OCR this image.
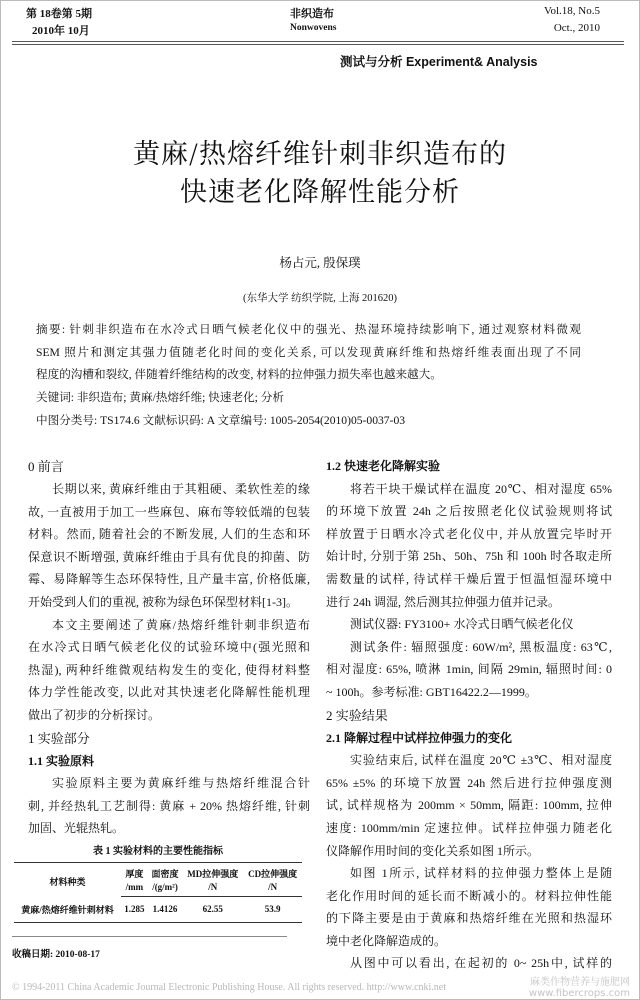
第 18卷第 5期
2010年 10月
非织造布
Nonwovens
Vol.18, No.5
Oct., 2010
测试与分析 Experiment& Analysis
黄麻/热熔纤维针刺非织造布的
快速老化降解性能分析
杨占元, 殷保璞
(东华大学 纺织学院, 上海 201620)
摘要: 针刺非织造布在水冷式日晒气候老化仪中的强光、热湿环境持续影响下, 通过观察材料微观
SEM 照片和测定其强力值随老化时间的变化关系, 可以发现黄麻纤维和热熔纤维表面出现了不同
程度的沟槽和裂纹, 伴随着纤维结构的改变, 材料的拉伸强力损失率也越来越大。
关键词: 非织造布; 黄麻/热熔纤维; 快速老化; 分析
中图分类号: TS174.6 文献标识码: A 文章编号: 1005-2054(2010)05-0037-03
0 前言
长期以来, 黄麻纤维由于其粗硬、柔软性差的缘
故, 一直被用于加工一些麻包、麻布等较低端的包装
材料。然而, 随着社会的不断发展, 人们的生态和环
保意识不断增强, 黄麻纤维由于具有优良的抑菌、防
霉、易降解等生态环保特性, 且产量丰富, 价格低廉,
开始受到人们的重视, 被称为绿色环保型材料[1-3]。
本文主要阐述了黄麻/热熔纤维针刺非织造布
在水冷式日晒气候老化仪的试验环境中(强光照和
热湿), 两种纤维微观结构发生的变化, 使得材料整
体力学性能改变, 以此对其快速老化降解性能机理
做出了初步的分析探讨。
1 实验部分
1.1 实验原料
实验原料主要为黄麻纤维与热熔纤维混合针
刺, 并经热轧工艺制得: 黄麻 + 20% 热熔纤维, 针刺
加固、光辊热轧。
1.2 快速老化降解实验
将若干块干燥试样在温度 20℃、相对湿度 65%
的环境下放置 24h 之后按照老化仪试验规则将试
样放置于日晒水冷式老化仪中, 并从放置完毕时开
始计时, 分别于第 25h、50h、75h 和 100h 时各取走所
需数量的试样, 待试样干燥后置于恒温恒湿环境中
进行 24h 调湿, 然后测其拉伸强力值并记录。
测试仪器: FY3100+ 水冷式日晒气候老化仪
测试条件: 辐照强度: 60W/m², 黑板温度: 63℃,
相对湿度: 65%, 喷淋 1min, 间隔 29min, 辐照时间: 0
~ 100h。参考标准: GBT16422.2—1999。
2 实验结果
2.1 降解过程中试样拉伸强力的变化
实验结束后, 试样在温度 20℃ ±3℃、相对湿度
65% ±5% 的环境下放置 24h 然后进行拉伸强度测
试, 试样规格为 200mm × 50mm, 隔距: 100mm, 拉伸
速度: 100mm/min 定速拉伸。试样拉伸强力随老化
仪降解作用时间的变化关系如图 1所示。
如图 1所示, 试样材料的拉伸强力整体上是随
老化作用时间的延长而不断减小的。材料拉伸性能
的下降主要是由于黄麻和热熔纤维在光照和热湿环
境中老化降解造成的。
从图中可以看出, 在起初的 0~ 25h中, 试样的
表 1 实验材料的主要性能指标
材料种类	厚度	面密度	MD拉伸强度	CD拉伸强度
	/mm	/(g/m²)	/N	/N
黄麻/热熔纤维针刺材料	1.285	1.4126	62.55	53.9
收稿日期: 2010-08-17
© 1994-2011 China Academic Journal Electronic Publishing House. All rights reserved. http://www.cnki.net	麻类作物营养与施肥网
www.fibercrops.com
